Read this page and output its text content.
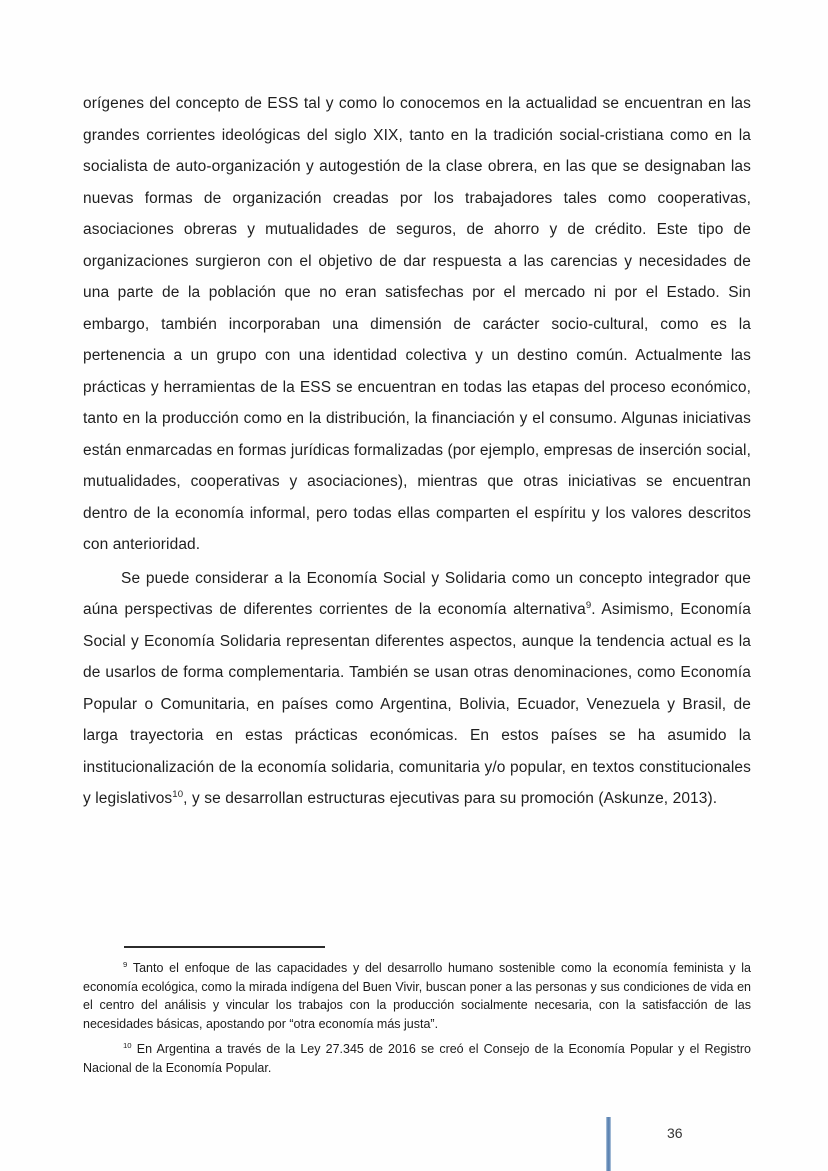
orígenes del concepto de ESS tal y como lo conocemos en la actualidad se encuentran en las grandes corrientes ideológicas del siglo XIX, tanto en la tradición social-cristiana como en la socialista de auto-organización y autogestión de la clase obrera, en las que se designaban las nuevas formas de organización creadas por los trabajadores tales como cooperativas, asociaciones obreras y mutualidades de seguros, de ahorro y de crédito. Este tipo de organizaciones surgieron con el objetivo de dar respuesta a las carencias y necesidades de una parte de la población que no eran satisfechas por el mercado ni por el Estado. Sin embargo, también incorporaban una dimensión de carácter socio-cultural, como es la pertenencia a un grupo con una identidad colectiva y un destino común. Actualmente las prácticas y herramientas de la ESS se encuentran en todas las etapas del proceso económico, tanto en la producción como en la distribución, la financiación y el consumo. Algunas iniciativas están enmarcadas en formas jurídicas formalizadas (por ejemplo, empresas de inserción social, mutualidades, cooperativas y asociaciones), mientras que otras iniciativas se encuentran dentro de la economía informal, pero todas ellas comparten el espíritu y los valores descritos con anterioridad.

Se puede considerar a la Economía Social y Solidaria como un concepto integrador que aúna perspectivas de diferentes corrientes de la economía alternativa$^9$. Asimismo, Economía Social y Economía Solidaria representan diferentes aspectos, aunque la tendencia actual es la de usarlos de forma complementaria. También se usan otras denominaciones, como Economía Popular o Comunitaria, en países como Argentina, Bolivia, Ecuador, Venezuela y Brasil, de larga trayectoria en estas prácticas económicas. En estos países se ha asumido la institucionalización de la economía solidaria, comunitaria y/o popular, en textos constitucionales y legislativos$^{10}$, y se desarrollan estructuras ejecutivas para su promoción (Askunze, 2013).

$^9$ Tanto el enfoque de las capacidades y del desarrollo humano sostenible como la economía feminista y la economía ecológica, como la mirada indígena del Buen Vivir, buscan poner a las personas y sus condiciones de vida en el centro del análisis y vincular los trabajos con la producción socialmente necesaria, con la satisfacción de las necesidades básicas, apostando por “otra economía más justa”.

$^{10}$ En Argentina a través de la Ley 27.345 de 2016 se creó el Consejo de la Economía Popular y el Registro Nacional de la Economía Popular.

36
